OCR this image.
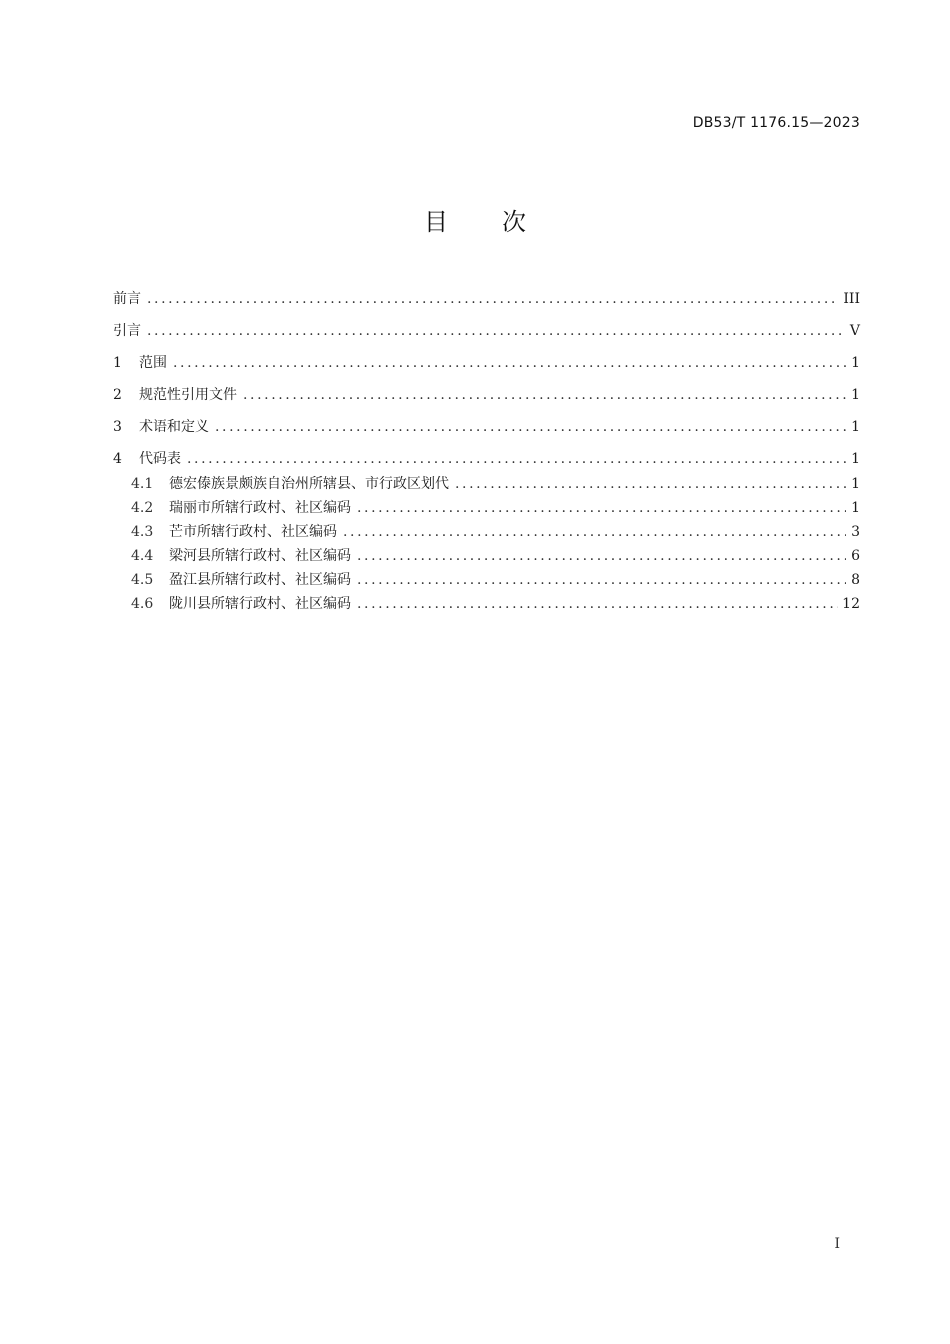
DB53/T 1176.15—2023
目 次
前言 .....	III
引言 .....	V
1	范围 .....	1
2	规范性引用文件 .....	1
3	术语和定义 .....	1
4	代码表 .....	1
4.1	德宏傣族景颇族自治州所辖县、市行政区划代 .....	1
4.2	瑞丽市所辖行政村、社区编码 .....	1
4.3	芒市所辖行政村、社区编码 .....	3
4.4	梁河县所辖行政村、社区编码 .....	6
4.5	盈江县所辖行政村、社区编码 .....	8
4.6	陇川县所辖行政村、社区编码 .....	12
I
